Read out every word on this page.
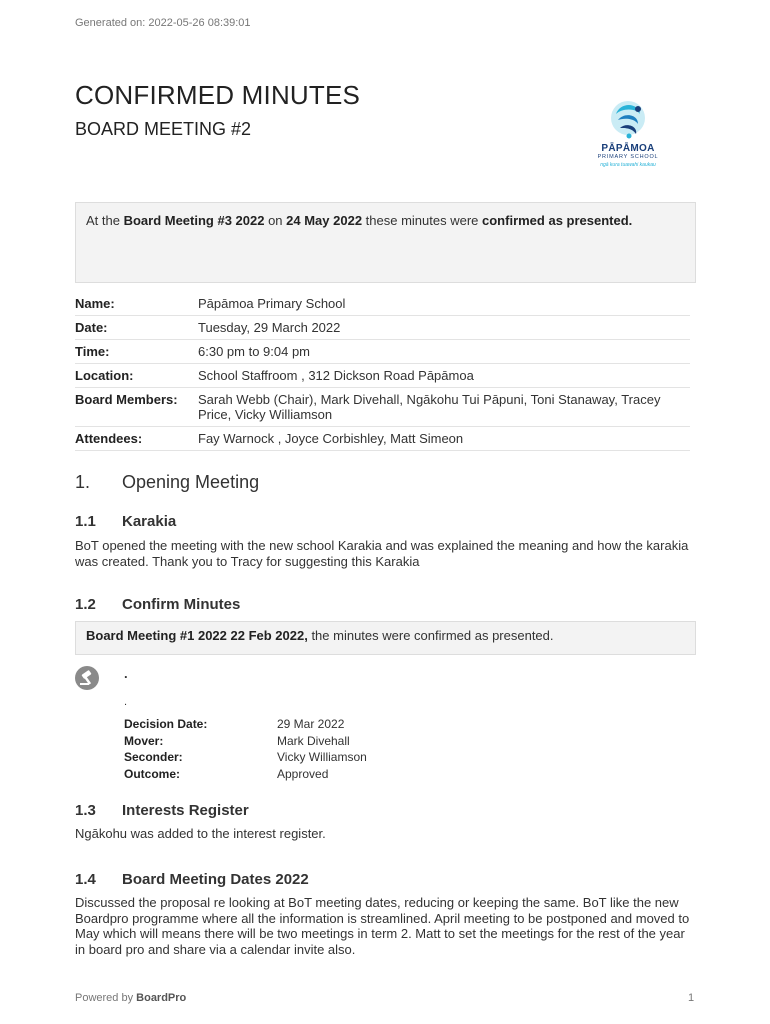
Generated on: 2022-05-26 08:39:01
CONFIRMED MINUTES
BOARD MEETING #2
PĀPĀMOA
PRIMARY SCHOOL
ngā kura tuawahi kaukau
At the Board Meeting #3 2022 on 24 May 2022 these minutes were confirmed as presented.
Name:	Pāpāmoa Primary School
Date:	Tuesday, 29 March 2022
Time:	6:30 pm to 9:04 pm
Location:	School Staffroom , 312 Dickson Road Pāpāmoa
Board Members:	Sarah Webb (Chair), Mark Divehall, Ngākohu Tui Pāpuni, Toni Stanaway, Tracey Price, Vicky Williamson
Attendees:	Fay Warnock , Joyce Corbishley, Matt Simeon
1.	Opening Meeting
1.1	Karakia
BoT opened the meeting with the new school Karakia and was explained the meaning and how the karakia was created. Thank you to Tracy for suggesting this Karakia
1.2	Confirm Minutes
Board Meeting #1 2022 22 Feb 2022, the minutes were confirmed as presented.
.
.
Decision Date:	29 Mar 2022
Mover:	Mark Divehall
Seconder:	Vicky Williamson
Outcome:	Approved
1.3	Interests Register
Ngākohu was added to the interest register.
1.4	Board Meeting Dates 2022
Discussed the proposal re looking at BoT meeting dates, reducing or keeping the same. BoT like the new Boardpro programme where all the information is streamlined. April meeting to be postponed and moved to May which will means there will be two meetings in term 2. Matt to set the meetings for the rest of the year in board pro and share via a calendar invite also.
Powered by BoardPro	1
